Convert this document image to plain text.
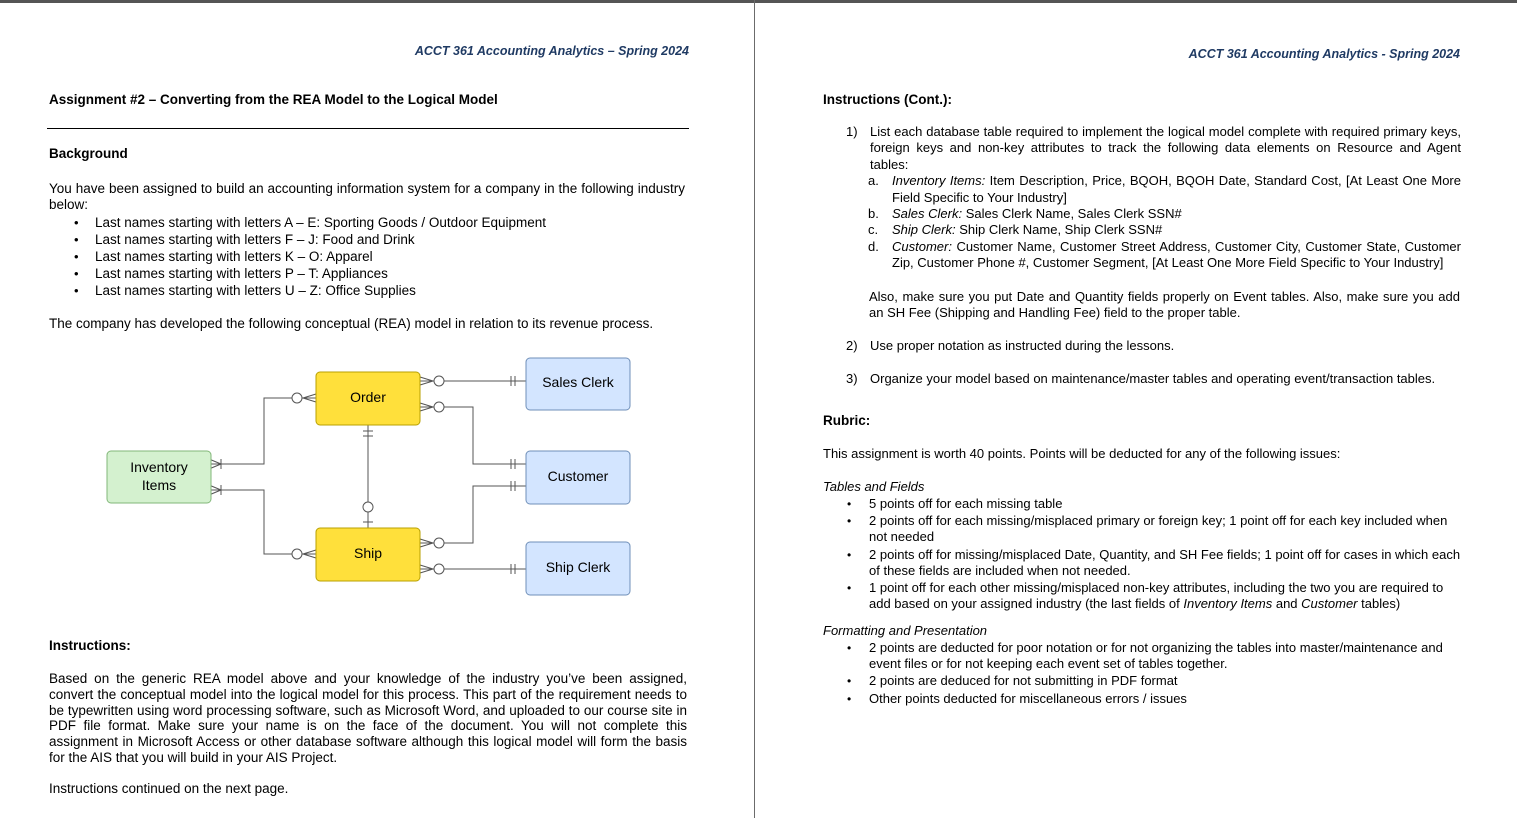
ACCT 361 Accounting Analytics – Spring 2024
Assignment #2 – Converting from the REA Model to the Logical Model
Background
You have been assigned to build an accounting information system for a company in the following industry below:
• Last names starting with letters A – E: Sporting Goods / Outdoor Equipment
• Last names starting with letters F – J: Food and Drink
• Last names starting with letters K – O: Apparel
• Last names starting with letters P – T: Appliances
• Last names starting with letters U – Z: Office Supplies
The company has developed the following conceptual (REA) model in relation to its revenue process.
Order
Ship
Inventory
Items
Sales Clerk
Customer
Ship Clerk
Instructions:
Based on the generic REA model above and your knowledge of the industry you’ve been assigned, convert the conceptual model into the logical model for this process. This part of the requirement needs to be typewritten using word processing software, such as Microsoft Word, and uploaded to our course site in PDF file format. Make sure your name is on the face of the document. You will not complete this assignment in Microsoft Access or other database software although this logical model will form the basis for the AIS that you will build in your AIS Project.
Instructions continued on the next page.
ACCT 361 Accounting Analytics - Spring 2024
Instructions (Cont.):
1) List each database table required to implement the logical model complete with required primary keys, foreign keys and non-key attributes to track the following data elements on Resource and Agent tables:
a. Inventory Items: Item Description, Price, BQOH, BQOH Date, Standard Cost, [At Least One More Field Specific to Your Industry]
b. Sales Clerk: Sales Clerk Name, Sales Clerk SSN#
c. Ship Clerk: Ship Clerk Name, Ship Clerk SSN#
d. Customer: Customer Name, Customer Street Address, Customer City, Customer State, Customer Zip, Customer Phone #, Customer Segment, [At Least One More Field Specific to Your Industry]
Also, make sure you put Date and Quantity fields properly on Event tables. Also, make sure you add an SH Fee (Shipping and Handling Fee) field to the proper table.
2) Use proper notation as instructed during the lessons.
3) Organize your model based on maintenance/master tables and operating event/transaction tables.
Rubric:
This assignment is worth 40 points. Points will be deducted for any of the following issues:
Tables and Fields
• 5 points off for each missing table
• 2 points off for each missing/misplaced primary or foreign key; 1 point off for each key included when not needed
• 2 points off for missing/misplaced Date, Quantity, and SH Fee fields; 1 point off for cases in which each of these fields are included when not needed.
• 1 point off for each other missing/misplaced non-key attributes, including the two you are required to add based on your assigned industry (the last fields of Inventory Items and Customer tables)
Formatting and Presentation
• 2 points are deducted for poor notation or for not organizing the tables into master/maintenance and event files or for not keeping each event set of tables together.
• 2 points are deduced for not submitting in PDF format
• Other points deducted for miscellaneous errors / issues
